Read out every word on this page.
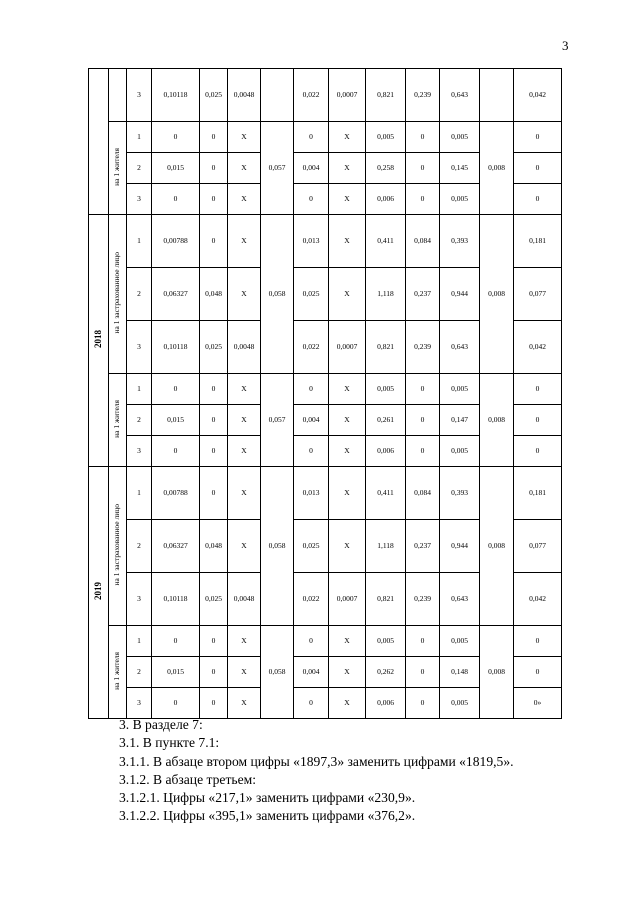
3
		3	0,10118	0,025	0,0048		0,022	0,0007	0,821	0,239	0,643		0,042
	на 1 жителя	1	0	0	X	0,057	0	X	0,005	0	0,005	0,008	0
		2	0,015	0	X		0,004	X	0,258	0	0,145		0
		3	0	0	X		0	X	0,006	0	0,005		0
2018	на 1 застрахованное лицо	1	0,00788	0	X	0,058	0,013	X	0,411	0,084	0,393	0,008	0,181
		2	0,06327	0,048	X		0,025	X	1,118	0,237	0,944		0,077
		3	0,10118	0,025	0,0048		0,022	0,0007	0,821	0,239	0,643		0,042
	на 1 жителя	1	0	0	X	0,057	0	X	0,005	0	0,005	0,008	0
		2	0,015	0	X		0,004	X	0,261	0	0,147		0
		3	0	0	X		0	X	0,006	0	0,005		0
2019	на 1 застрахованное лицо	1	0,00788	0	X	0,058	0,013	X	0,411	0,084	0,393	0,008	0,181
		2	0,06327	0,048	X		0,025	X	1,118	0,237	0,944		0,077
		3	0,10118	0,025	0,0048		0,022	0,0007	0,821	0,239	0,643		0,042
	на 1 жителя	1	0	0	X	0,058	0	X	0,005	0	0,005	0,008	0
		2	0,015	0	X		0,004	X	0,262	0	0,148		0
		3	0	0	X		0	X	0,006	0	0,005		0»
3. В разделе 7:
3.1. В пункте 7.1:
3.1.1. В абзаце втором цифры «1897,3» заменить цифрами «1819,5».
3.1.2. В абзаце третьем:
3.1.2.1. Цифры «217,1» заменить цифрами «230,9».
3.1.2.2. Цифры «395,1» заменить цифрами «376,2».
